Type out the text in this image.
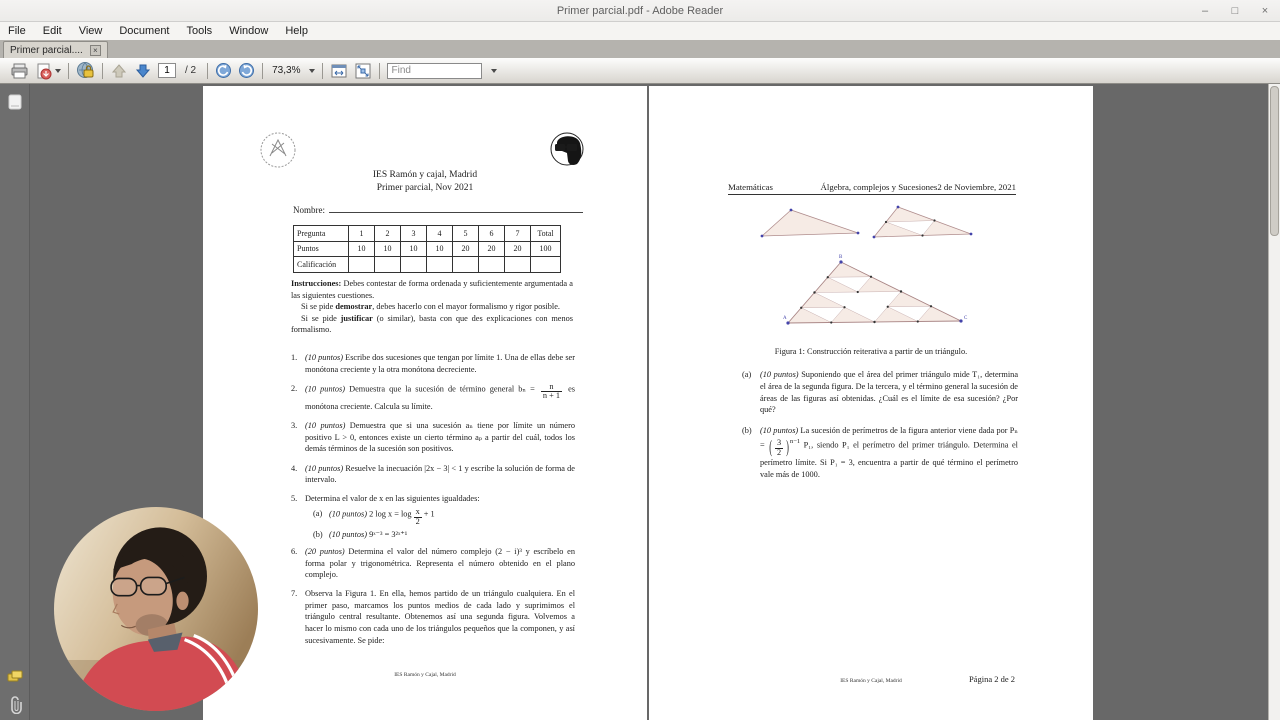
Primer parcial.pdf - Adobe Reader	–	□	×
File Edit View Document Tools Window Help
Primer parcial....	×
1
/ 2	73,3%
Find
IES Ramón y cajal, Madrid
Primer parcial, Nov 2021
Nombre:
Pregunta	1	2	3	4	5	6	7	Total
Puntos	10	10	10	10	20	20	20	100
Calificación								
Instrucciones: Debes contestar de forma ordenada y suficientemente argumentada a las siguientes cuestiones.
Si se pide demostrar, debes hacerlo con el mayor formalismo y rigor posible.
Si se pide justificar (o similar), basta con que des explicaciones con menos formalismo.
1. (10 puntos) Escribe dos sucesiones que tengan por límite 1. Una de ellas debe ser monótona creciente y la otra monótona decreciente.
2. (10 puntos) Demuestra que la sucesión de término general $b_n = \frac{n}{n + 1}$ es monótona creciente. Calcula su límite.
3. (10 puntos) Demuestra que si una sucesión aₙ tiene por límite un número positivo L > 0, entonces existe un cierto término aₚ a partir del cuál, todos los demás términos de la sucesión son positivos.
4. (10 puntos) Resuelve la inecuación |2x − 3| < 1 y escribe la solución de forma de intervalo.
5. Determina el valor de x en las siguientes igualdades:
(a) (10 puntos) 2 $\log x = \log \frac{x}{2} + 1$
(b) (10 puntos) 9ˣ⁻³ = 3²ˣ⁺¹
6. (20 puntos) Determina el valor del número complejo (2 − i)³ y escríbelo en forma polar y trigonométrica. Representa el número obtenido en el plano complejo.
7. Observa la Figura 1. En ella, hemos partido de un triángulo cualquiera. En el primer paso, marcamos los puntos medios de cada lado y suprimimos el triángulo central resultante. Obtenemos así una segunda figura. Volvemos a hacer lo mismo con cada uno de los triángulos pequeños que la componen, y así sucesivamente. Se pide:
IES Ramón y Cajal, Madrid
Matemáticas	Álgebra, complejos y Sucesiones2 de Noviembre, 2021
A
B
C
Figura 1: Construcción reiterativa a partir de un triángulo.
(a)	(10 puntos) Suponiendo que el área del primer triángulo mide T₁, determina el área de la segunda figura. De la tercera, y el término general la sucesión de áreas de las figuras así obtenidas. ¿Cuál es el límite de esa sucesión? ¿Por qué?
(b)	(10 puntos) La sucesión de perímetros de la figura anterior viene dada por Pₙ = ( $\frac{3}{2} )^{n-1}$ P₁, siendo P₁ el perímetro del primer triángulo. Determina el perímetro límite. Si P₁ = 3, encuentra a partir de qué término el perímetro vale más de 1000.
IES Ramón y Cajal, Madrid	Página 2 de 2
